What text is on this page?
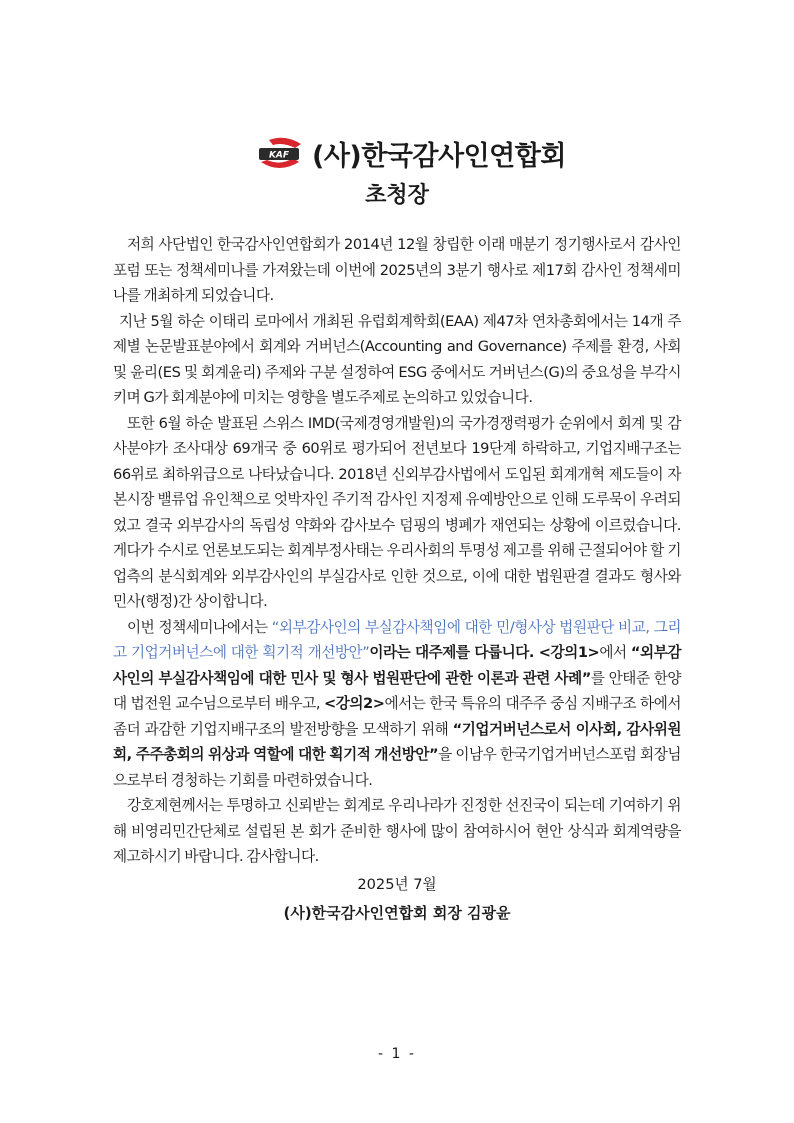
KAF (사)한국감사인연합회
초청장

저희 사단법인 한국감사인연합회가 2014년 12월 창립한 이래 매분기 정기행사로서 감사인포럼 또는 정책세미나를 가져왔는데 이번에 2025년의 3분기 행사로 제17회 감사인 정책세미나를 개최하게 되었습니다.

지난 5월 하순 이태리 로마에서 개최된 유럽회계학회(EAA) 제47차 연차총회에서는 14개 주제별 논문발표분야에서 회계와 거버넌스(Accounting and Governance) 주제를 환경, 사회 및 윤리(ES 및 회계윤리) 주제와 구분 설정하여 ESG 중에서도 거버넌스(G)의 중요성을 부각시키며 G가 회계분야에 미치는 영향을 별도주제로 논의하고 있었습니다.

또한 6월 하순 발표된 스위스 IMD(국제경영개발원)의 국가경쟁력평가 순위에서 회계 및 감사분야가 조사대상 69개국 중 60위로 평가되어 전년보다 19단계 하락하고, 기업지배구조는 66위로 최하위급으로 나타났습니다. 2018년 신외부감사법에서 도입된 회계개혁 제도들이 자본시장 밸류업 유인책으로 엇박자인 주기적 감사인 지정제 유예방안으로 인해 도루묵이 우려되었고 결국 외부감사의 독립성 약화와 감사보수 덤핑의 병폐가 재연되는 상황에 이르렀습니다. 게다가 수시로 언론보도되는 회계부정사태는 우리사회의 투명성 제고를 위해 근절되어야 할 기업측의 분식회계와 외부감사인의 부실감사로 인한 것으로, 이에 대한 법원판결 결과도 형사와 민사(행정)간 상이합니다.

이번 정책세미나에서는 “외부감사인의 부실감사책임에 대한 민/형사상 법원판단 비교, 그리고 기업거버넌스에 대한 획기적 개선방안”이라는 대주제를 다룹니다. <강의1>에서 “외부감사인의 부실감사책임에 대한 민사 및 형사 법원판단에 관한 이론과 관련 사례”를 안태준 한양대 법전원 교수님으로부터 배우고, <강의2>에서는 한국 특유의 대주주 중심 지배구조 하에서 좀더 과감한 기업지배구조의 발전방향을 모색하기 위해 “기업거버넌스로서 이사회, 감사위원회, 주주총회의 위상과 역할에 대한 획기적 개선방안”을 이남우 한국기업거버넌스포럼 회장님으로부터 경청하는 기회를 마련하였습니다.

강호제현께서는 투명하고 신뢰받는 회계로 우리나라가 진정한 선진국이 되는데 기여하기 위해 비영리민간단체로 설립된 본 회가 준비한 행사에 많이 참여하시어 현안 상식과 회계역량을 제고하시기 바랍니다. 감사합니다.

2025년 7월
(사)한국감사인연합회 회장 김광윤
- 1 -
